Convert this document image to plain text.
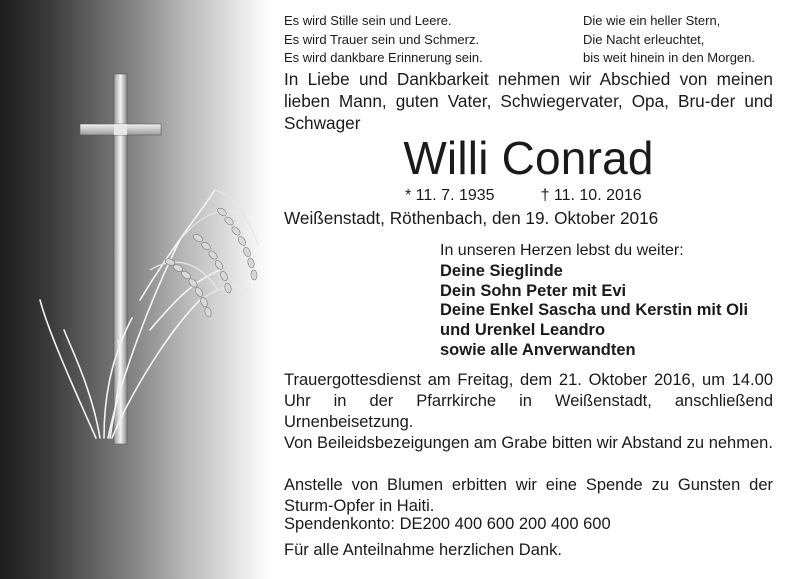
Es wird Stille sein und Leere.
Es wird Trauer sein und Schmerz.
Es wird dankbare Erinnerung sein.
Die wie ein heller Stern,
Die Nacht erleuchtet,
bis weit hinein in den Morgen.

In Liebe und Dankbarkeit nehmen wir Abschied von meinen lieben Mann, guten Vater, Schwiegervater, Opa, Bru-der und Schwager

Willi Conrad
* 11. 7. 1935	† 11. 10. 2016
Weißenstadt, Röthenbach, den 19. Oktober 2016
In unseren Herzen lebst du weiter:
Deine Sieglinde
Dein Sohn Peter mit Evi
Deine Enkel Sascha und Kerstin mit Oli
und Urenkel Leandro
sowie alle Anverwandten

Trauergottesdienst am Freitag, dem 21. Oktober 2016, um 14.00 Uhr in der Pfarrkirche in Weißenstadt, anschließend Urnenbeisetzung.

Von Beileidsbezeigungen am Grabe bitten wir Abstand zu nehmen.

Anstelle von Blumen erbitten wir eine Spende zu Gunsten der Sturm-Opfer in Haiti.

Spendenkonto: DE200 400 600 200 400 600
Für alle Anteilnahme herzlichen Dank.
